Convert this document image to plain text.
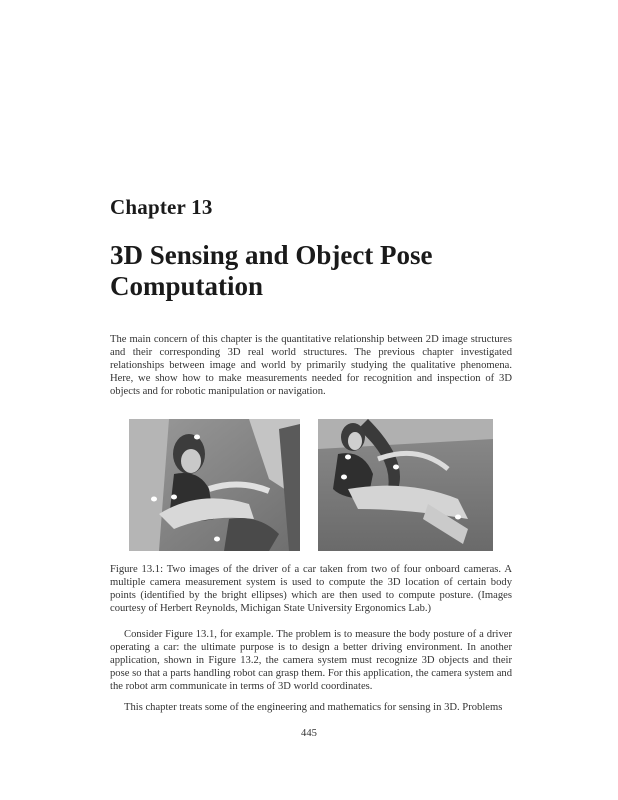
Chapter 13
3D Sensing and Object Pose Computation

The main concern of this chapter is the quantitative relationship between 2D image structures and their corresponding 3D real world structures. The previous chapter investigated relationships between image and world by primarily studying the qualitative phenomena. Here, we show how to make measurements needed for recognition and inspection of 3D objects and for robotic manipulation or navigation.

Figure 13.1: Two images of the driver of a car taken from two of four onboard cameras. A multiple camera measurement system is used to compute the 3D location of certain body points (identified by the bright ellipses) which are then used to compute posture. (Images courtesy of Herbert Reynolds, Michigan State University Ergonomics Lab.)

Consider Figure 13.1, for example. The problem is to measure the body posture of a driver operating a car: the ultimate purpose is to design a better driving environment. In another application, shown in Figure 13.2, the camera system must recognize 3D objects and their pose so that a parts handling robot can grasp them. For this application, the camera system and the robot arm communicate in terms of 3D world coordinates.

This chapter treats some of the engineering and mathematics for sensing in 3D. Problems

445
